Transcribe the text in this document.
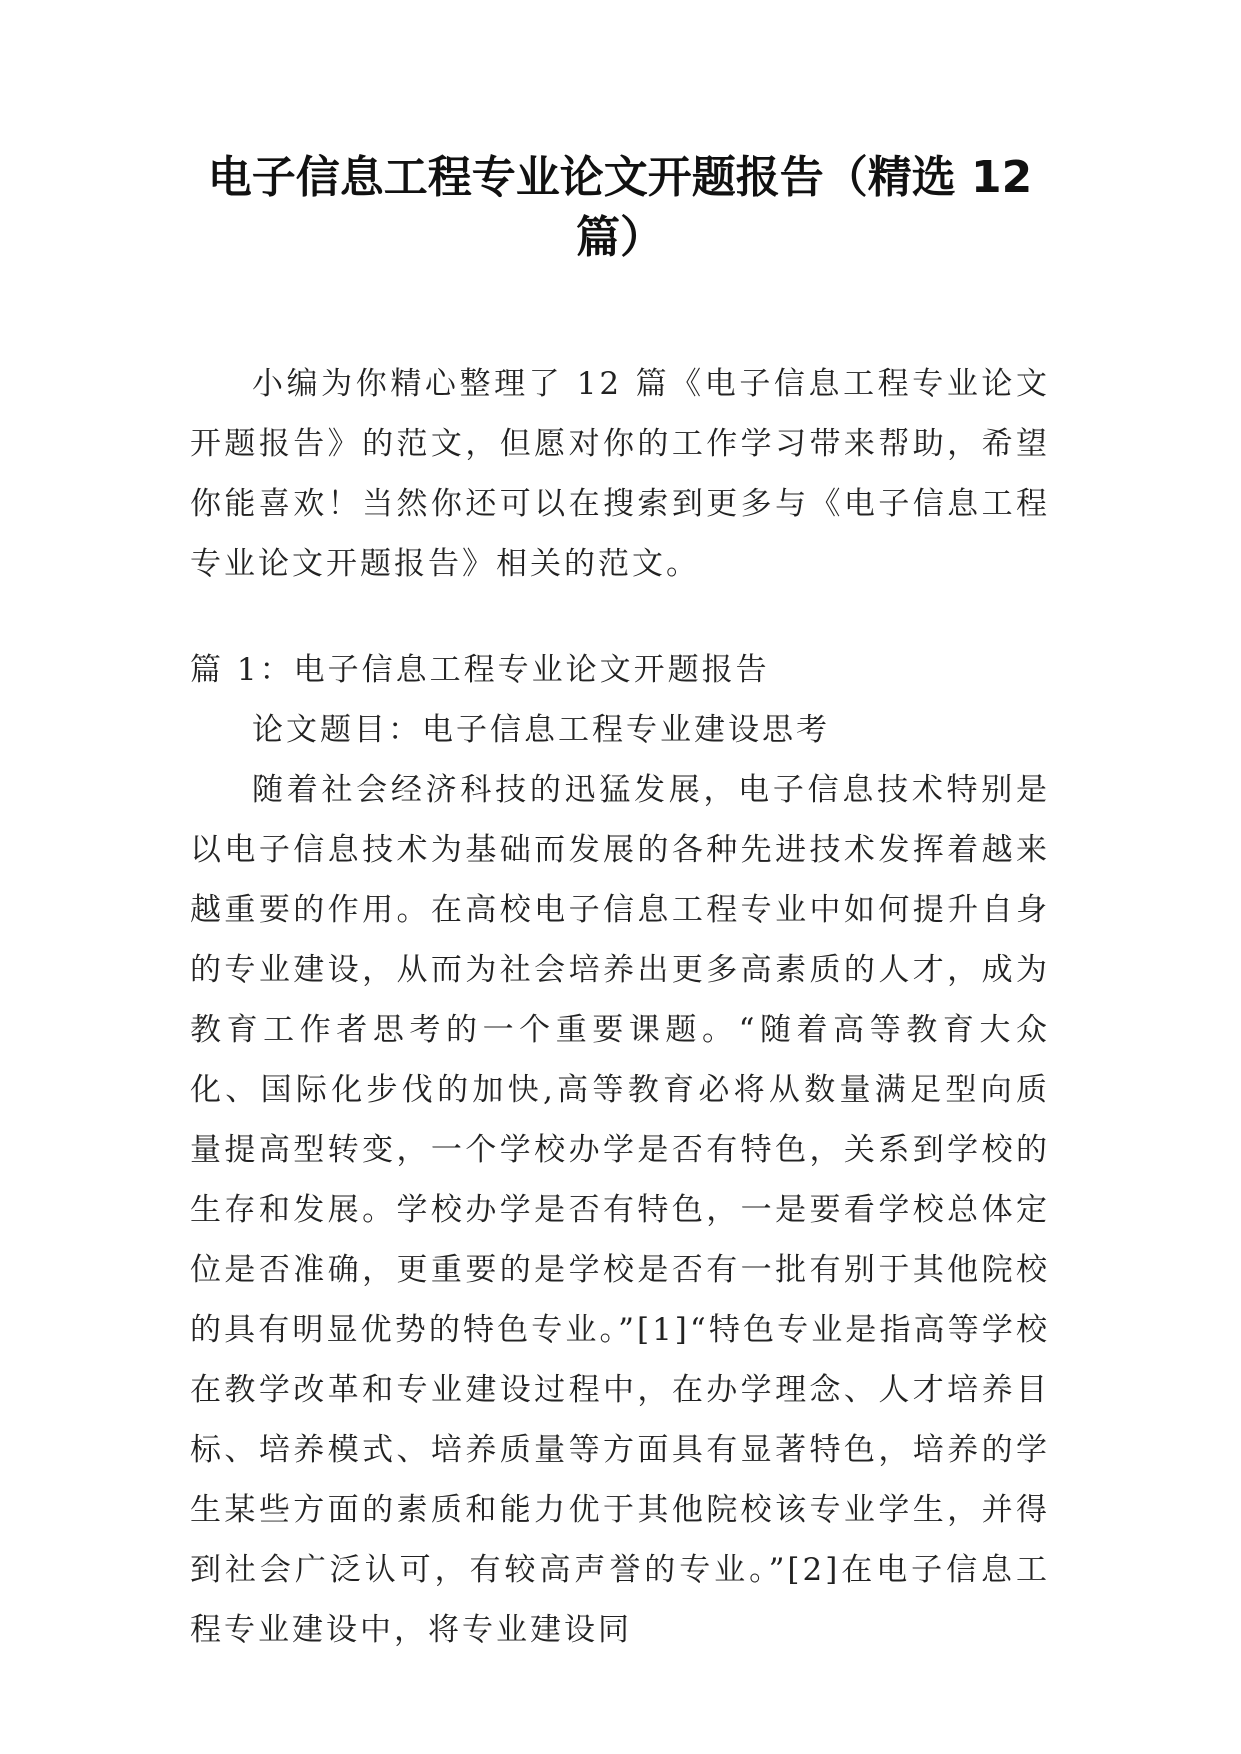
电子信息工程专业论文开题报告（精选 12 篇）

小编为你精心整理了 12 篇《电子信息工程专业论文开题报告》的范文，但愿对你的工作学习带来帮助，希望你能喜欢！当然你还可以在搜索到更多与《电子信息工程专业论文开题报告》相关的范文。

篇 1：电子信息工程专业论文开题报告

论文题目：电子信息工程专业建设思考

随着社会经济科技的迅猛发展，电子信息技术特别是以电子信息技术为基础而发展的各种先进技术发挥着越来越重要的作用。在高校电子信息工程专业中如何提升自身的专业建设，从而为社会培养出更多高素质的人才，成为教育工作者思考的一个重要课题。“随着高等教育大众化、国际化步伐的加快,高等教育必将从数量满足型向质量提高型转变，一个学校办学是否有特色，关系到学校的生存和发展。学校办学是否有特色，一是要看学校总体定位是否准确，更重要的是学校是否有一批有别于其他院校的具有明显优势的特色专业。”[1]“特色专业是指高等学校在教学改革和专业建设过程中，在办学理念、人才培养目标、培养模式、培养质量等方面具有显著特色，培养的学生某些方面的素质和能力优于其他院校该专业学生，并得到社会广泛认可，有较高声誉的专业。”[2]在电子信息工程专业建设中，将专业建设同
